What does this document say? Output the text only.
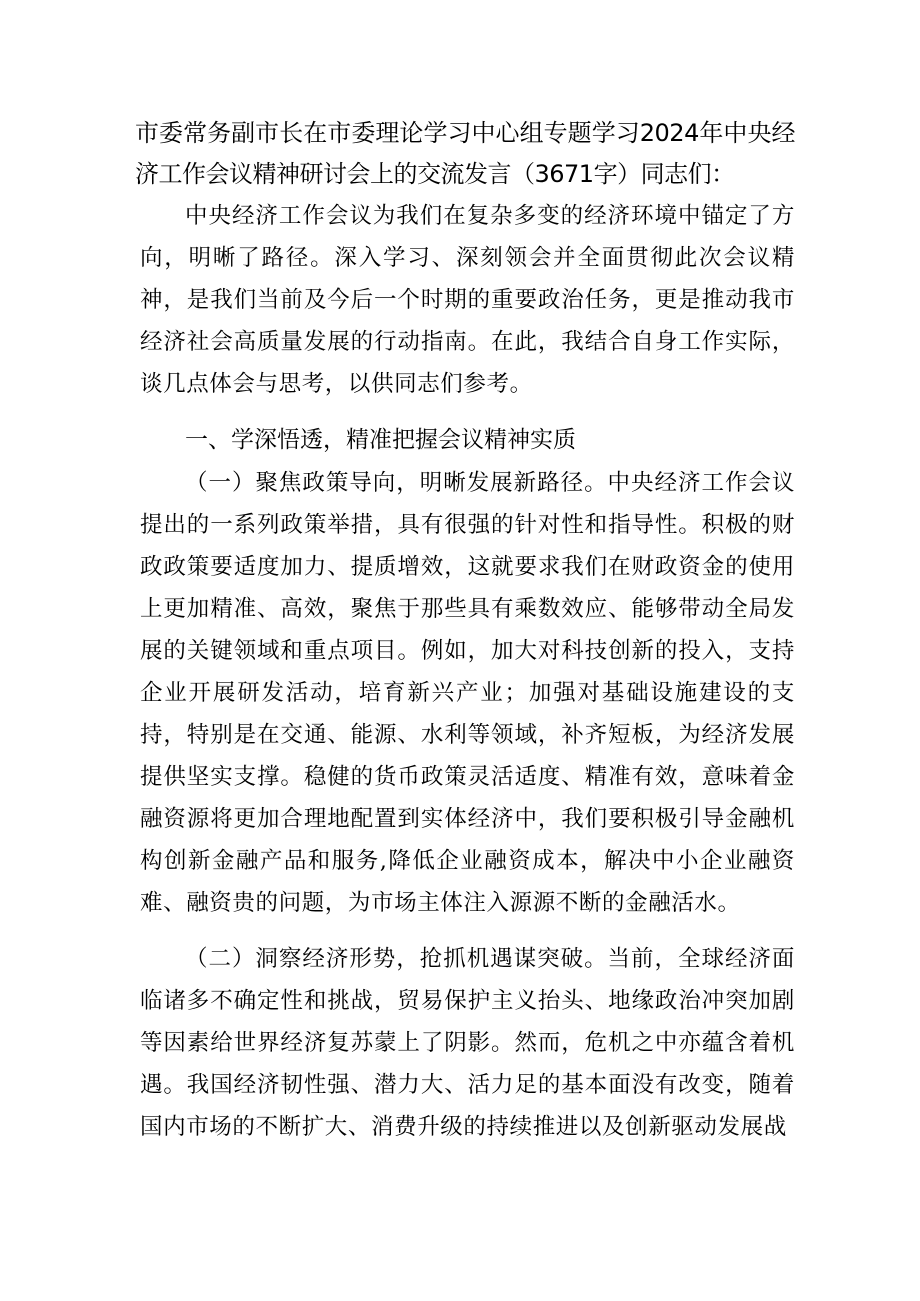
市委常务副市长在市委理论学习中心组专题学习2024年中央经济工作会议精神研讨会上的交流发言（3671字）同志们：

中央经济工作会议为我们在复杂多变的经济环境中锚定了方向，明晰了路径。深入学习、深刻领会并全面贯彻此次会议精神，是我们当前及今后一个时期的重要政治任务，更是推动我市经济社会高质量发展的行动指南。在此，我结合自身工作实际，谈几点体会与思考，以供同志们参考。

一、学深悟透，精准把握会议精神实质

（一）聚焦政策导向，明晰发展新路径。中央经济工作会议提出的一系列政策举措，具有很强的针对性和指导性。积极的财政政策要适度加力、提质增效，这就要求我们在财政资金的使用上更加精准、高效，聚焦于那些具有乘数效应、能够带动全局发展的关键领域和重点项目。例如，加大对科技创新的投入，支持企业开展研发活动，培育新兴产业；加强对基础设施建设的支持，特别是在交通、能源、水利等领域，补齐短板，为经济发展提供坚实支撑。稳健的货币政策灵活适度、精准有效，意味着金融资源将更加合理地配置到实体经济中，我们要积极引导金融机构创新金融产品和服务,降低企业融资成本，解决中小企业融资难、融资贵的问题，为市场主体注入源源不断的金融活水。

（二）洞察经济形势，抢抓机遇谋突破。当前，全球经济面临诸多不确定性和挑战，贸易保护主义抬头、地缘政治冲突加剧等因素给世界经济复苏蒙上了阴影。然而，危机之中亦蕴含着机遇。我国经济韧性强、潜力大、活力足的基本面没有改变，随着国内市场的不断扩大、消费升级的持续推进以及创新驱动发展战
